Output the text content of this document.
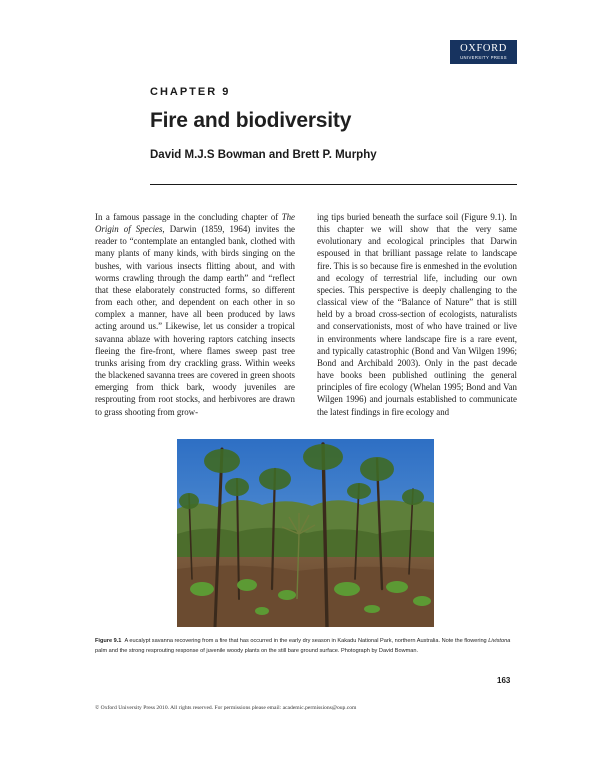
OXFORD
UNIVERSITY PRESS
CHAPTER 9
Fire and biodiversity
David M.J.S Bowman and Brett P. Murphy

In a famous passage in the concluding chapter of The Origin of Species, Darwin (1859, 1964) invites the reader to “contemplate an entangled bank, clothed with many plants of many kinds, with birds singing on the bushes, with various insects flitting about, and with worms crawling through the damp earth” and “reflect that these elaborately constructed forms, so different from each other, and dependent on each other in so complex a manner, have all been produced by laws acting around us.” Likewise, let us consider a tropical savanna ablaze with hovering raptors catching insects fleeing the fire-front, where flames sweep past tree trunks arising from dry crackling grass. Within weeks the blackened savanna trees are covered in green shoots emerging from thick bark, woody juveniles are resprouting from root stocks, and herbivores are drawn to grass shooting from grow-

ing tips buried beneath the surface soil (Figure 9.1). In this chapter we will show that the very same evolutionary and ecological principles that Darwin espoused in that brilliant passage relate to landscape fire. This is so because fire is enmeshed in the evolution and ecology of terrestrial life, including our own species. This perspective is deeply challenging to the classical view of the “Balance of Nature” that is still held by a broad cross-section of ecologists, naturalists and conservationists, most of who have trained or live in environments where landscape fire is a rare event, and typically catastrophic (Bond and Van Wilgen 1996; Bond and Archibald 2003). Only in the past decade have books been published outlining the general principles of fire ecology (Whelan 1995; Bond and Van Wilgen 1996) and journals established to communicate the latest findings in fire ecology and

Figure 9.1 A eucalypt savanna recovering from a fire that has occurred in the early dry season in Kakadu National Park, northern Australia. Note the flowering Livistona palm and the strong resprouting response of juvenile woody plants on the still bare ground surface. Photograph by David Bowman.
163
© Oxford University Press 2010. All rights reserved. For permissions please email: academic.permissions@oup.com
